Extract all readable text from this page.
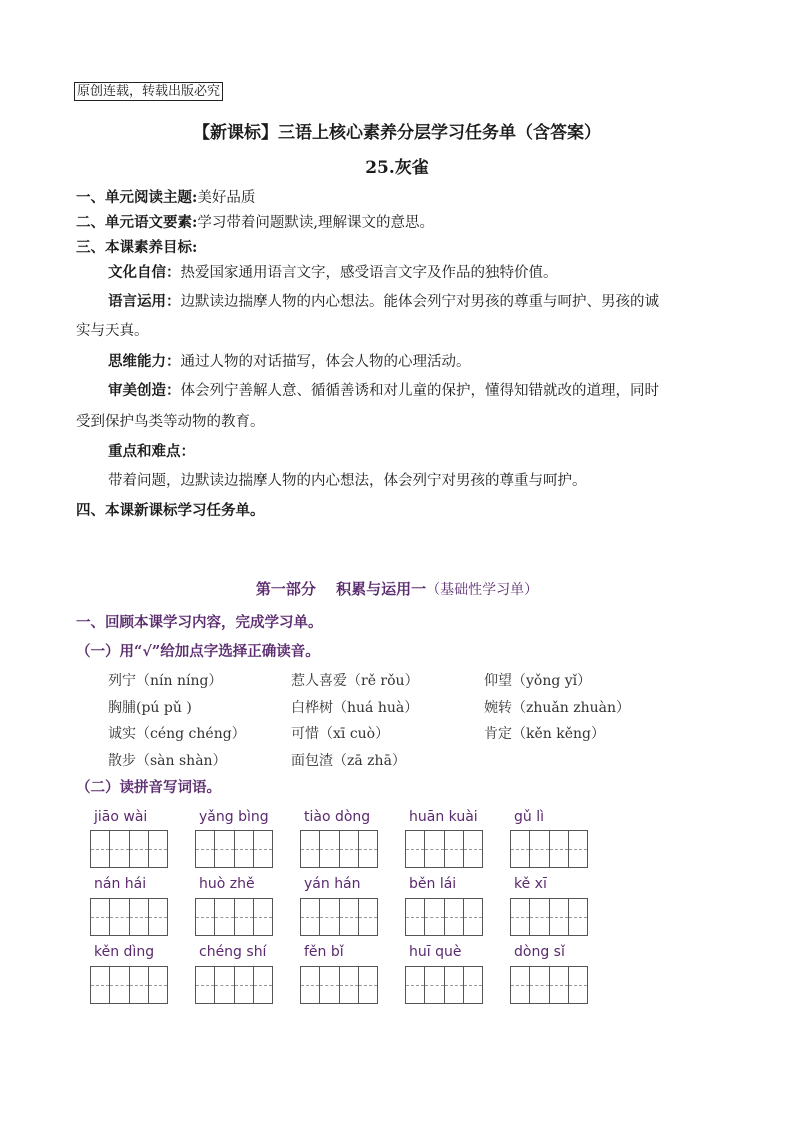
原创连载，转载出版必究
【新课标】三语上核心素养分层学习任务单（含答案）
25.灰雀
一、单元阅读主题:美好品质
二、单元语文要素:学习带着问题默读,理解课文的意思。
三、本课素养目标:
文化自信：热爱国家通用语言文字，感受语言文字及作品的独特价值。
语言运用：边默读边揣摩人物的内心想法。能体会列宁对男孩的尊重与呵护、男孩的诚
实与天真。
思维能力：通过人物的对话描写，体会人物的心理活动。
审美创造：体会列宁善解人意、循循善诱和对儿童的保护，懂得知错就改的道理，同时
受到保护鸟类等动物的教育。
重点和难点：
带着问题，边默读边揣摩人物的内心想法，体会列宁对男孩的尊重与呵护。
四、本课新课标学习任务单。
第一部分　 积累与运用一（基础性学习单）
一、回顾本课学习内容，完成学习单。
（一）用“√”给加点字选择正确读音。
列宁（nín níng）	惹人喜爱（rě rǒu）	仰望（yǒng yǐ）
胸脯(pú pǔ )	白桦树（huá huà）	婉转（zhuǎn zhuàn）
诚实（céng chéng）	可惜（xī cuò）	肯定（kěn kěng）
散步（sàn shàn）	面包渣（zā zhā）
（二）读拼音写词语。
jiāo wài	yǎng bìng	tiào dòng	huān kuài	gǔ lì
nán hái	huò zhě	yán hán	běn lái	kě xī
kěn dìng	chéng shí	fěn bǐ	huī què	dòng sǐ
